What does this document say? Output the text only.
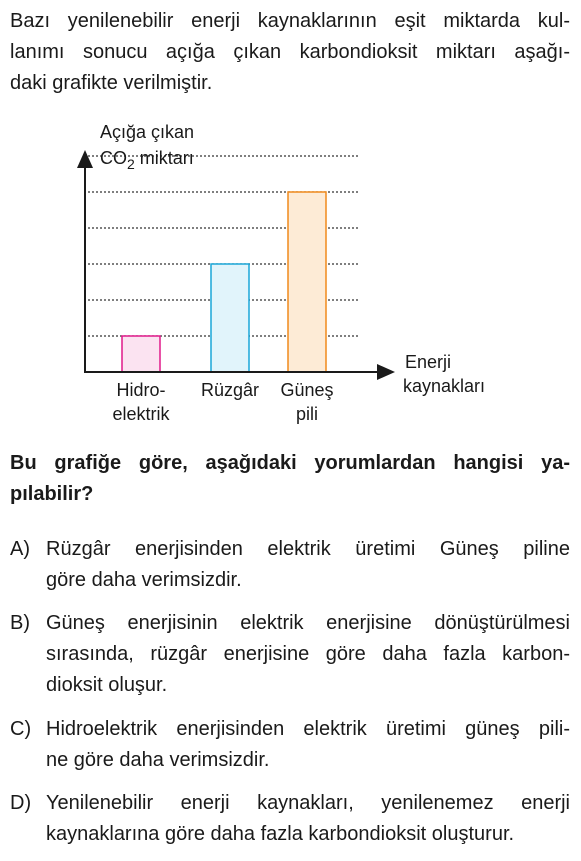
Bazı yenilenebilir enerji kaynaklarının eşit miktarda kul-
lanımı sonucu açığa çıkan karbondioksit miktarı aşağı-
daki grafikte verilmiştir.
Açığa çıkan
$CO_2$ miktarı
Enerji
kaynakları
Hidro-
elektrik
Rüzgâr Güneş
pili
Bu grafiğe göre, aşağıdaki yorumlardan hangisi ya-
pılabilir?
A) Rüzgâr enerjisinden elektrik üretimi Güneş piline
göre daha verimsizdir.
B) Güneş enerjisinin elektrik enerjisine dönüştürülmesi
sırasında, rüzgâr enerjisine göre daha fazla karbon-
dioksit oluşur.
C) Hidroelektrik enerjisinden elektrik üretimi güneş pili-
ne göre daha verimsizdir.
D) Yenilenebilir enerji kaynakları, yenilenemez enerji
kaynaklarına göre daha fazla karbondioksit oluşturur.
